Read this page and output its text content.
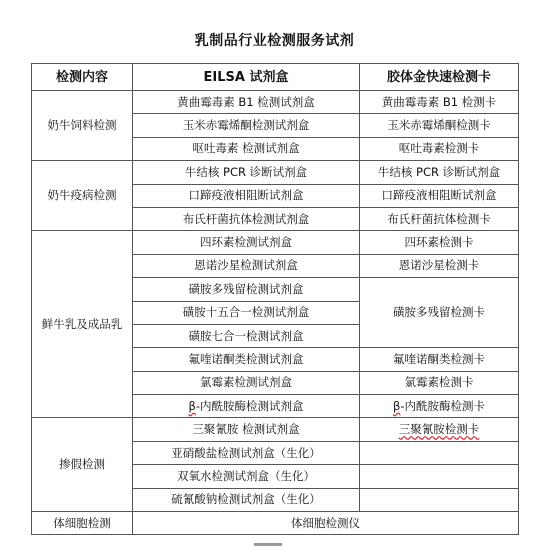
乳制品行业检测服务试剂
检测内容	EILSA 试剂盒	胶体金快速检测卡
奶牛饲料检测	黄曲霉毒素 B1 检测试剂盒	黄曲霉毒素 B1 检测卡
	玉米赤霉烯酮检测试剂盒	玉米赤霉烯酮检测卡
	呕吐毒素 检测试剂盒	呕吐毒素检测卡
奶牛疫病检测	牛结核 PCR 诊断试剂盒	牛结核 PCR 诊断试剂盒
	口蹄疫液相阻断试剂盒	口蹄疫液相阻断试剂盒
	布氏杆菌抗体检测试剂盒	布氏杆菌抗体检测卡
鲜牛乳及成品乳	四环素检测试剂盒	四环素检测卡
	恩诺沙星检测试剂盒	恩诺沙星检测卡
	磺胺多残留检测试剂盒	磺胺多残留检测卡
	磺胺十五合一检测试剂盒	
	磺胺七合一检测试剂盒	
	氟喹诺酮类检测试剂盒	氟喹诺酮类检测卡
	氯霉素检测试剂盒	氯霉素检测卡
	β-内酰胺酶检测试剂盒	β-内酰胺酶检测卡
掺假检测	三聚氰胺 检测试剂盒	三聚氰胺检测卡
	亚硝酸盐检测试剂盒（生化）	
	双氧水检测试剂盒（生化）	
	硫氰酸钠检测试剂盒（生化）	
体细胞检测	体细胞检测仪	
